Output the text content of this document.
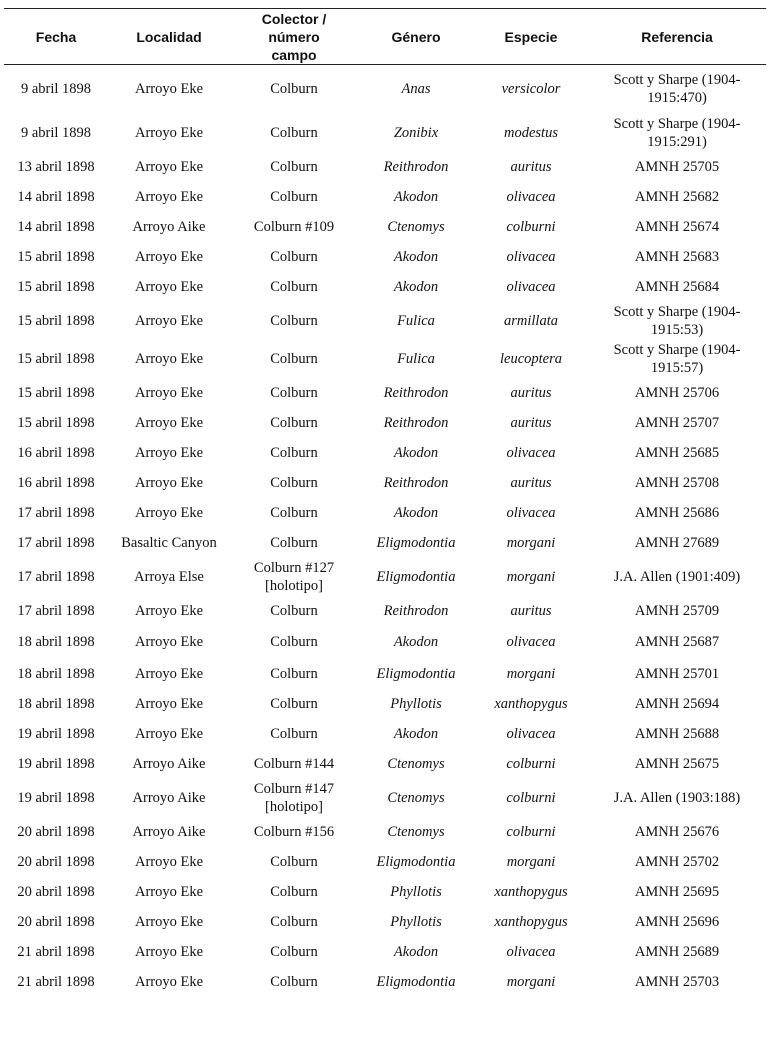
Fecha	Localidad	Colector / número campo	Género	Especie	Referencia
9 abril 1898	Arroyo Eke	Colburn	Anas	versicolor	Scott y Sharpe (1904-1915:470)
9 abril 1898	Arroyo Eke	Colburn	Zonibix	modestus	Scott y Sharpe (1904-1915:291)
13 abril 1898	Arroyo Eke	Colburn	Reithrodon	auritus	AMNH 25705
14 abril 1898	Arroyo Eke	Colburn	Akodon	olivacea	AMNH 25682
14 abril 1898	Arroyo Aike	Colburn #109	Ctenomys	colburni	AMNH 25674
15 abril 1898	Arroyo Eke	Colburn	Akodon	olivacea	AMNH 25683
15 abril 1898	Arroyo Eke	Colburn	Akodon	olivacea	AMNH 25684
15 abril 1898	Arroyo Eke	Colburn	Fulica	armillata	Scott y Sharpe (1904-1915:53)
15 abril 1898	Arroyo Eke	Colburn	Fulica	leucoptera	Scott y Sharpe (1904-1915:57)
15 abril 1898	Arroyo Eke	Colburn	Reithrodon	auritus	AMNH 25706
15 abril 1898	Arroyo Eke	Colburn	Reithrodon	auritus	AMNH 25707
16 abril 1898	Arroyo Eke	Colburn	Akodon	olivacea	AMNH 25685
16 abril 1898	Arroyo Eke	Colburn	Reithrodon	auritus	AMNH 25708
17 abril 1898	Arroyo Eke	Colburn	Akodon	olivacea	AMNH 25686
17 abril 1898	Basaltic Canyon	Colburn	Eligmodontia	morgani	AMNH 27689
17 abril 1898	Arroya Else	Colburn #127 [holotipo]	Eligmodontia	morgani	J.A. Allen (1901:409)
17 abril 1898	Arroyo Eke	Colburn	Reithrodon	auritus	AMNH 25709
18 abril 1898	Arroyo Eke	Colburn	Akodon	olivacea	AMNH 25687
18 abril 1898	Arroyo Eke	Colburn	Eligmodontia	morgani	AMNH 25701
18 abril 1898	Arroyo Eke	Colburn	Phyllotis	xanthopygus	AMNH 25694
19 abril 1898	Arroyo Eke	Colburn	Akodon	olivacea	AMNH 25688
19 abril 1898	Arroyo Aike	Colburn #144	Ctenomys	colburni	AMNH 25675
19 abril 1898	Arroyo Aike	Colburn #147 [holotipo]	Ctenomys	colburni	J.A. Allen (1903:188)
20 abril 1898	Arroyo Aike	Colburn #156	Ctenomys	colburni	AMNH 25676
20 abril 1898	Arroyo Eke	Colburn	Eligmodontia	morgani	AMNH 25702
20 abril 1898	Arroyo Eke	Colburn	Phyllotis	xanthopygus	AMNH 25695
20 abril 1898	Arroyo Eke	Colburn	Phyllotis	xanthopygus	AMNH 25696
21 abril 1898	Arroyo Eke	Colburn	Akodon	olivacea	AMNH 25689
21 abril 1898	Arroyo Eke	Colburn	Eligmodontia	morgani	AMNH 25703
